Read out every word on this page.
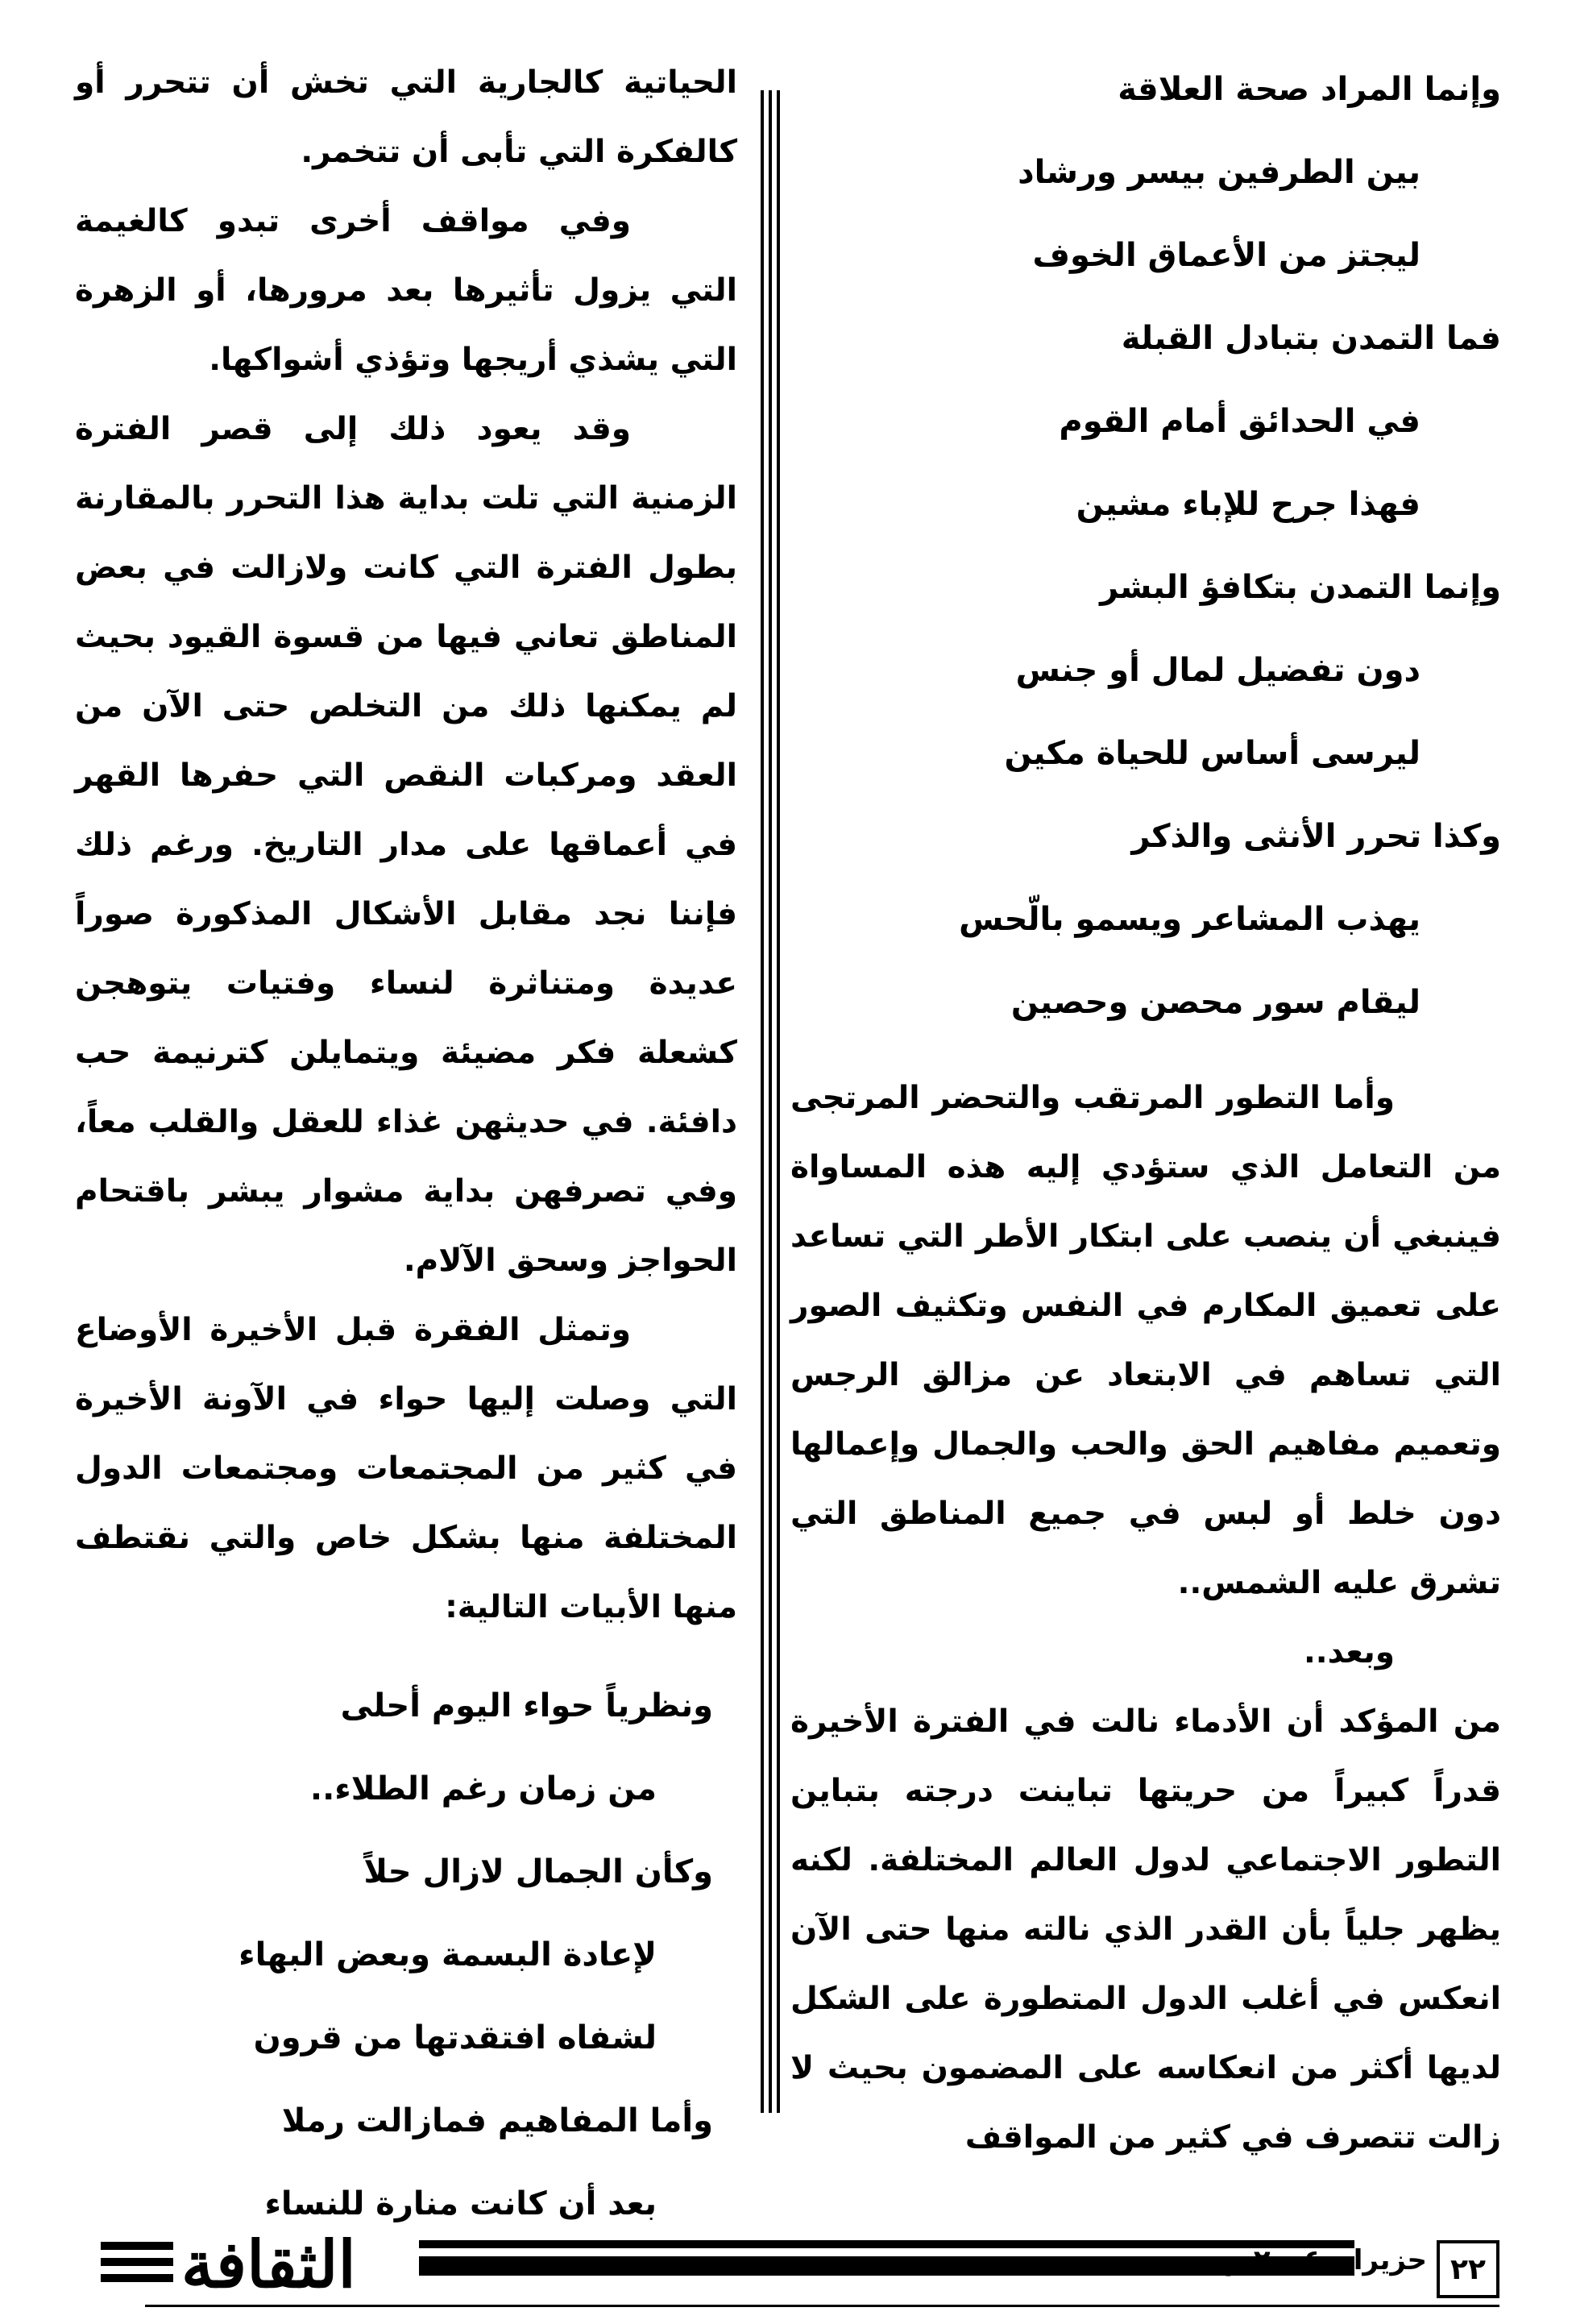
وإنما المراد صحة العلاقة
بين الطرفين بيسر ورشاد
ليجتز من الأعماق الخوف
فما التمدن بتبادل القبلة
في الحدائق أمام القوم
فهذا جرح للإباء مشين
وإنما التمدن بتكافؤ البشر
دون تفضيل لمال أو جنس
ليرسى أساس للحياة مكين
وكذا تحرر الأنثى والذكر
يهذب المشاعر ويسمو بالّحس
ليقام سور محصن وحصين

وأما التطور المرتقب والتحضر المرتجى من التعامل الذي ستؤدي إليه هذه المساواة فينبغي أن ينصب على ابتكار الأطر التي تساعد على تعميق المكارم في النفس وتكثيف الصور التي تساهم في الابتعاد عن مزالق الرجس وتعميم مفاهيم الحق والحب والجمال وإعمالها دون خلط أو لبس في جميع المناطق التي تشرق عليه الشمس..

وبعد..

من المؤكد أن الأدماء نالت في الفترة الأخيرة قدراً كبيراً من حريتها تباينت درجته بتباين التطور الاجتماعي لدول العالم المختلفة. لكنه يظهر جلياً بأن القدر الذي نالته منها حتى الآن انعكس في أغلب الدول المتطورة على الشكل لديها أكثر من انعكاسه على المضمون بحيث لا زالت تتصرف في كثير من المواقف

الحياتية كالجارية التي تخش أن تتحرر أو كالفكرة التي تأبى أن تتخمر.

وفي مواقف أخرى تبدو كالغيمة التي يزول تأثيرها بعد مرورها، أو الزهرة التي يشذي أريجها وتؤذي أشواكها.

وقد يعود ذلك إلى قصر الفترة الزمنية التي تلت بداية هذا التحرر بالمقارنة بطول الفترة التي كانت ولازالت في بعض المناطق تعاني فيها من قسوة القيود بحيث لم يمكنها ذلك من التخلص حتى الآن من العقد ومركبات النقص التي حفرها القهر في أعماقها على مدار التاريخ. ورغم ذلك فإننا نجد مقابل الأشكال المذكورة صوراً عديدة ومتناثرة لنساء وفتيات يتوهجن كشعلة فكر مضيئة ويتمايلن كترنيمة حب دافئة. في حديثهن غذاء للعقل والقلب معاً، وفي تصرفهن بداية مشوار يبشر باقتحام الحواجز وسحق الآلام.

وتمثل الفقرة قبل الأخيرة الأوضاع التي وصلت إليها حواء في الآونة الأخيرة في كثير من المجتمعات ومجتمعات الدول المختلفة منها بشكل خاص والتي نقتطف منها الأبيات التالية:

ونظرياً حواء اليوم أحلى
من زمان رغم الطلاء..
وكأن الجمال لازال حلاً
لإعادة البسمة وبعض البهاء
لشفاه افتقدتها من قرون
وأما المفاهيم فمازالت رملا
بعد أن كانت منارة للنساء
الثقافة	حزيران ٢٠٠٤ م ٢٢
